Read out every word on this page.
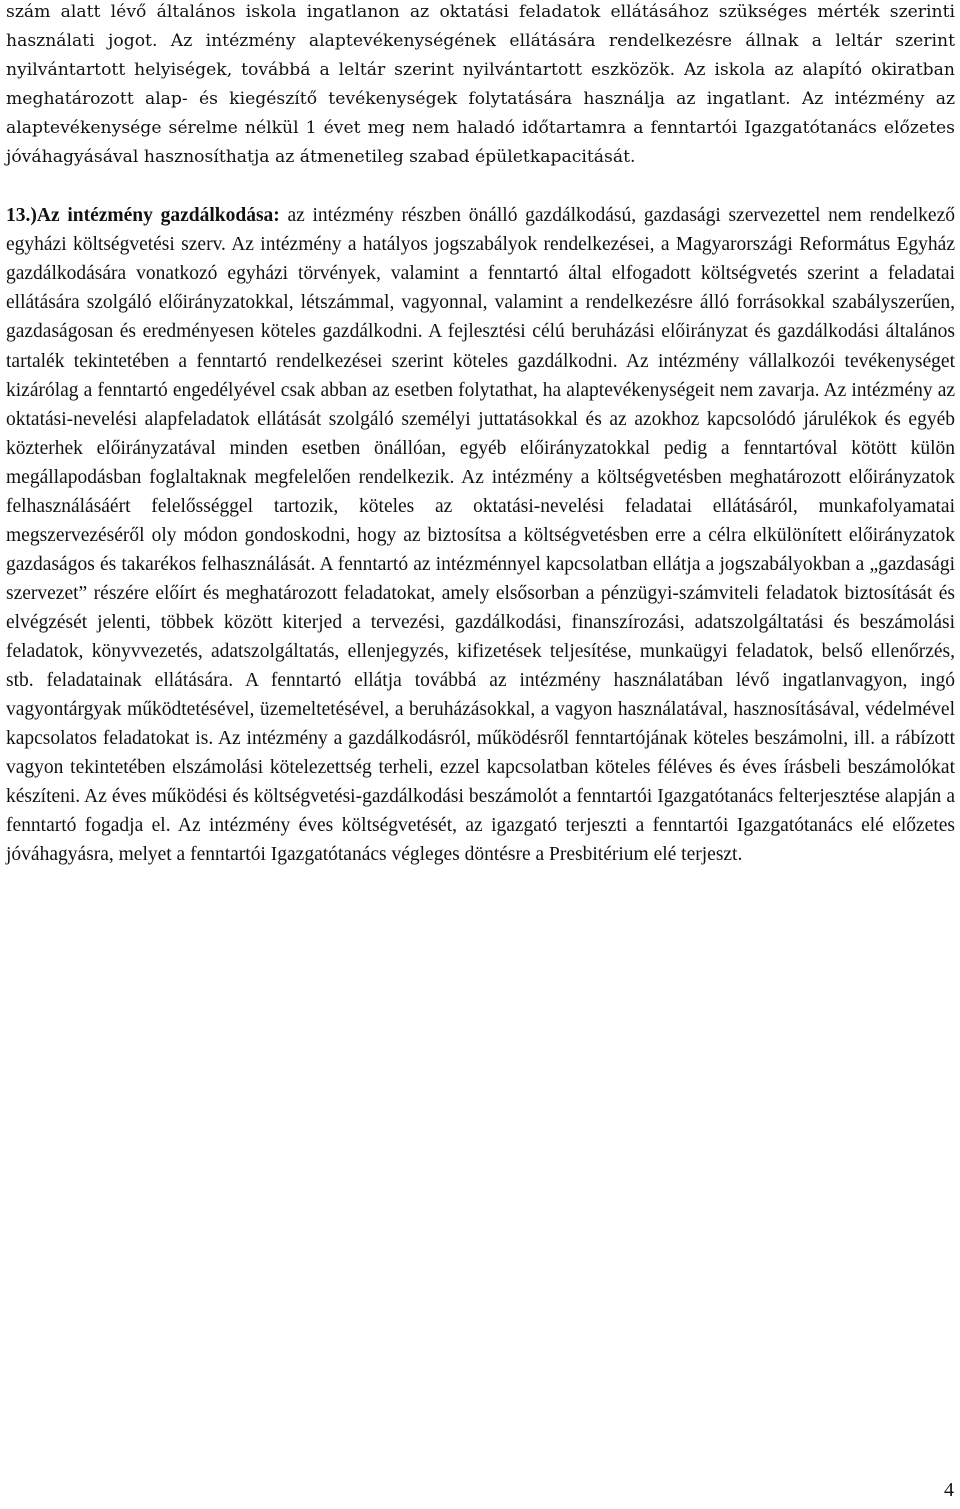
szám alatt lévő általános iskola ingatlanon az oktatási feladatok ellátásához szükséges mérték szerinti használati jogot. Az intézmény alaptevékenységének ellátására rendelkezésre állnak a leltár szerint nyilvántartott helyiségek, továbbá a leltár szerint nyilvántartott eszközök. Az iskola az alapító okiratban meghatározott alap- és kiegészítő tevékenységek folytatására használja az ingatlant. Az intézmény az alaptevékenysége sérelme nélkül 1 évet meg nem haladó időtartamra a fenntartói Igazgatótanács előzetes jóváhagyásával hasznosíthatja az átmenetileg szabad épületkapacitását.

13.)Az intézmény gazdálkodása: az intézmény részben önálló gazdálkodású, gazdasági szervezettel nem rendelkező egyházi költségvetési szerv. Az intézmény a hatályos jogszabályok rendelkezései, a Magyarországi Református Egyház gazdálkodására vonatkozó egyházi törvények, valamint a fenntartó által elfogadott költségvetés szerint a feladatai ellátására szolgáló előirányzatokkal, létszámmal, vagyonnal, valamint a rendelkezésre álló forrásokkal szabályszerűen, gazdaságosan és eredményesen köteles gazdálkodni. A fejlesztési célú beruházási előirányzat és gazdálkodási általános tartalék tekintetében a fenntartó rendelkezései szerint köteles gazdálkodni. Az intézmény vállalkozói tevékenységet kizárólag a fenntartó engedélyével csak abban az esetben folytathat, ha alaptevékenységeit nem zavarja. Az intézmény az oktatási-nevelési alapfeladatok ellátását szolgáló személyi juttatásokkal és az azokhoz kapcsolódó járulékok és egyéb közterhek előirányzatával minden esetben önállóan, egyéb előirányzatokkal pedig a fenntartóval kötött külön megállapodásban foglaltaknak megfelelően rendelkezik. Az intézmény a költségvetésben meghatározott előirányzatok felhasználásáért felelősséggel tartozik, köteles az oktatási-nevelési feladatai ellátásáról, munkafolyamatai megszervezéséről oly módon gondoskodni, hogy az biztosítsa a költségvetésben erre a célra elkülönített előirányzatok gazdaságos és takarékos felhasználását. A fenntartó az intézménnyel kapcsolatban ellátja a jogszabályokban a „gazdasági szervezet” részére előírt és meghatározott feladatokat, amely elsősorban a pénzügyi-számviteli feladatok biztosítását és elvégzését jelenti, többek között kiterjed a tervezési, gazdálkodási, finanszírozási, adatszolgáltatási és beszámolási feladatok, könyvvezetés, adatszolgáltatás, ellenjegyzés, kifizetések teljesítése, munkaügyi feladatok, belső ellenőrzés, stb. feladatainak ellátására. A fenntartó ellátja továbbá az intézmény használatában lévő ingatlanvagyon, ingó vagyontárgyak működtetésével, üzemeltetésével, a beruházásokkal, a vagyon használatával, hasznosításával, védelmével kapcsolatos feladatokat is. Az intézmény a gazdálkodásról, működésről fenntartójának köteles beszámolni, ill. a rábízott vagyon tekintetében elszámolási kötelezettség terheli, ezzel kapcsolatban köteles féléves és éves írásbeli beszámolókat készíteni. Az éves működési és költségvetési-gazdálkodási beszámolót a fenntartói Igazgatótanács felterjesztése alapján a fenntartó fogadja el. Az intézmény éves költségvetését, az igazgató terjeszti a fenntartói Igazgatótanács elé előzetes jóváhagyásra, melyet a fenntartói Igazgatótanács végleges döntésre a Presbitérium elé terjeszt.

4
